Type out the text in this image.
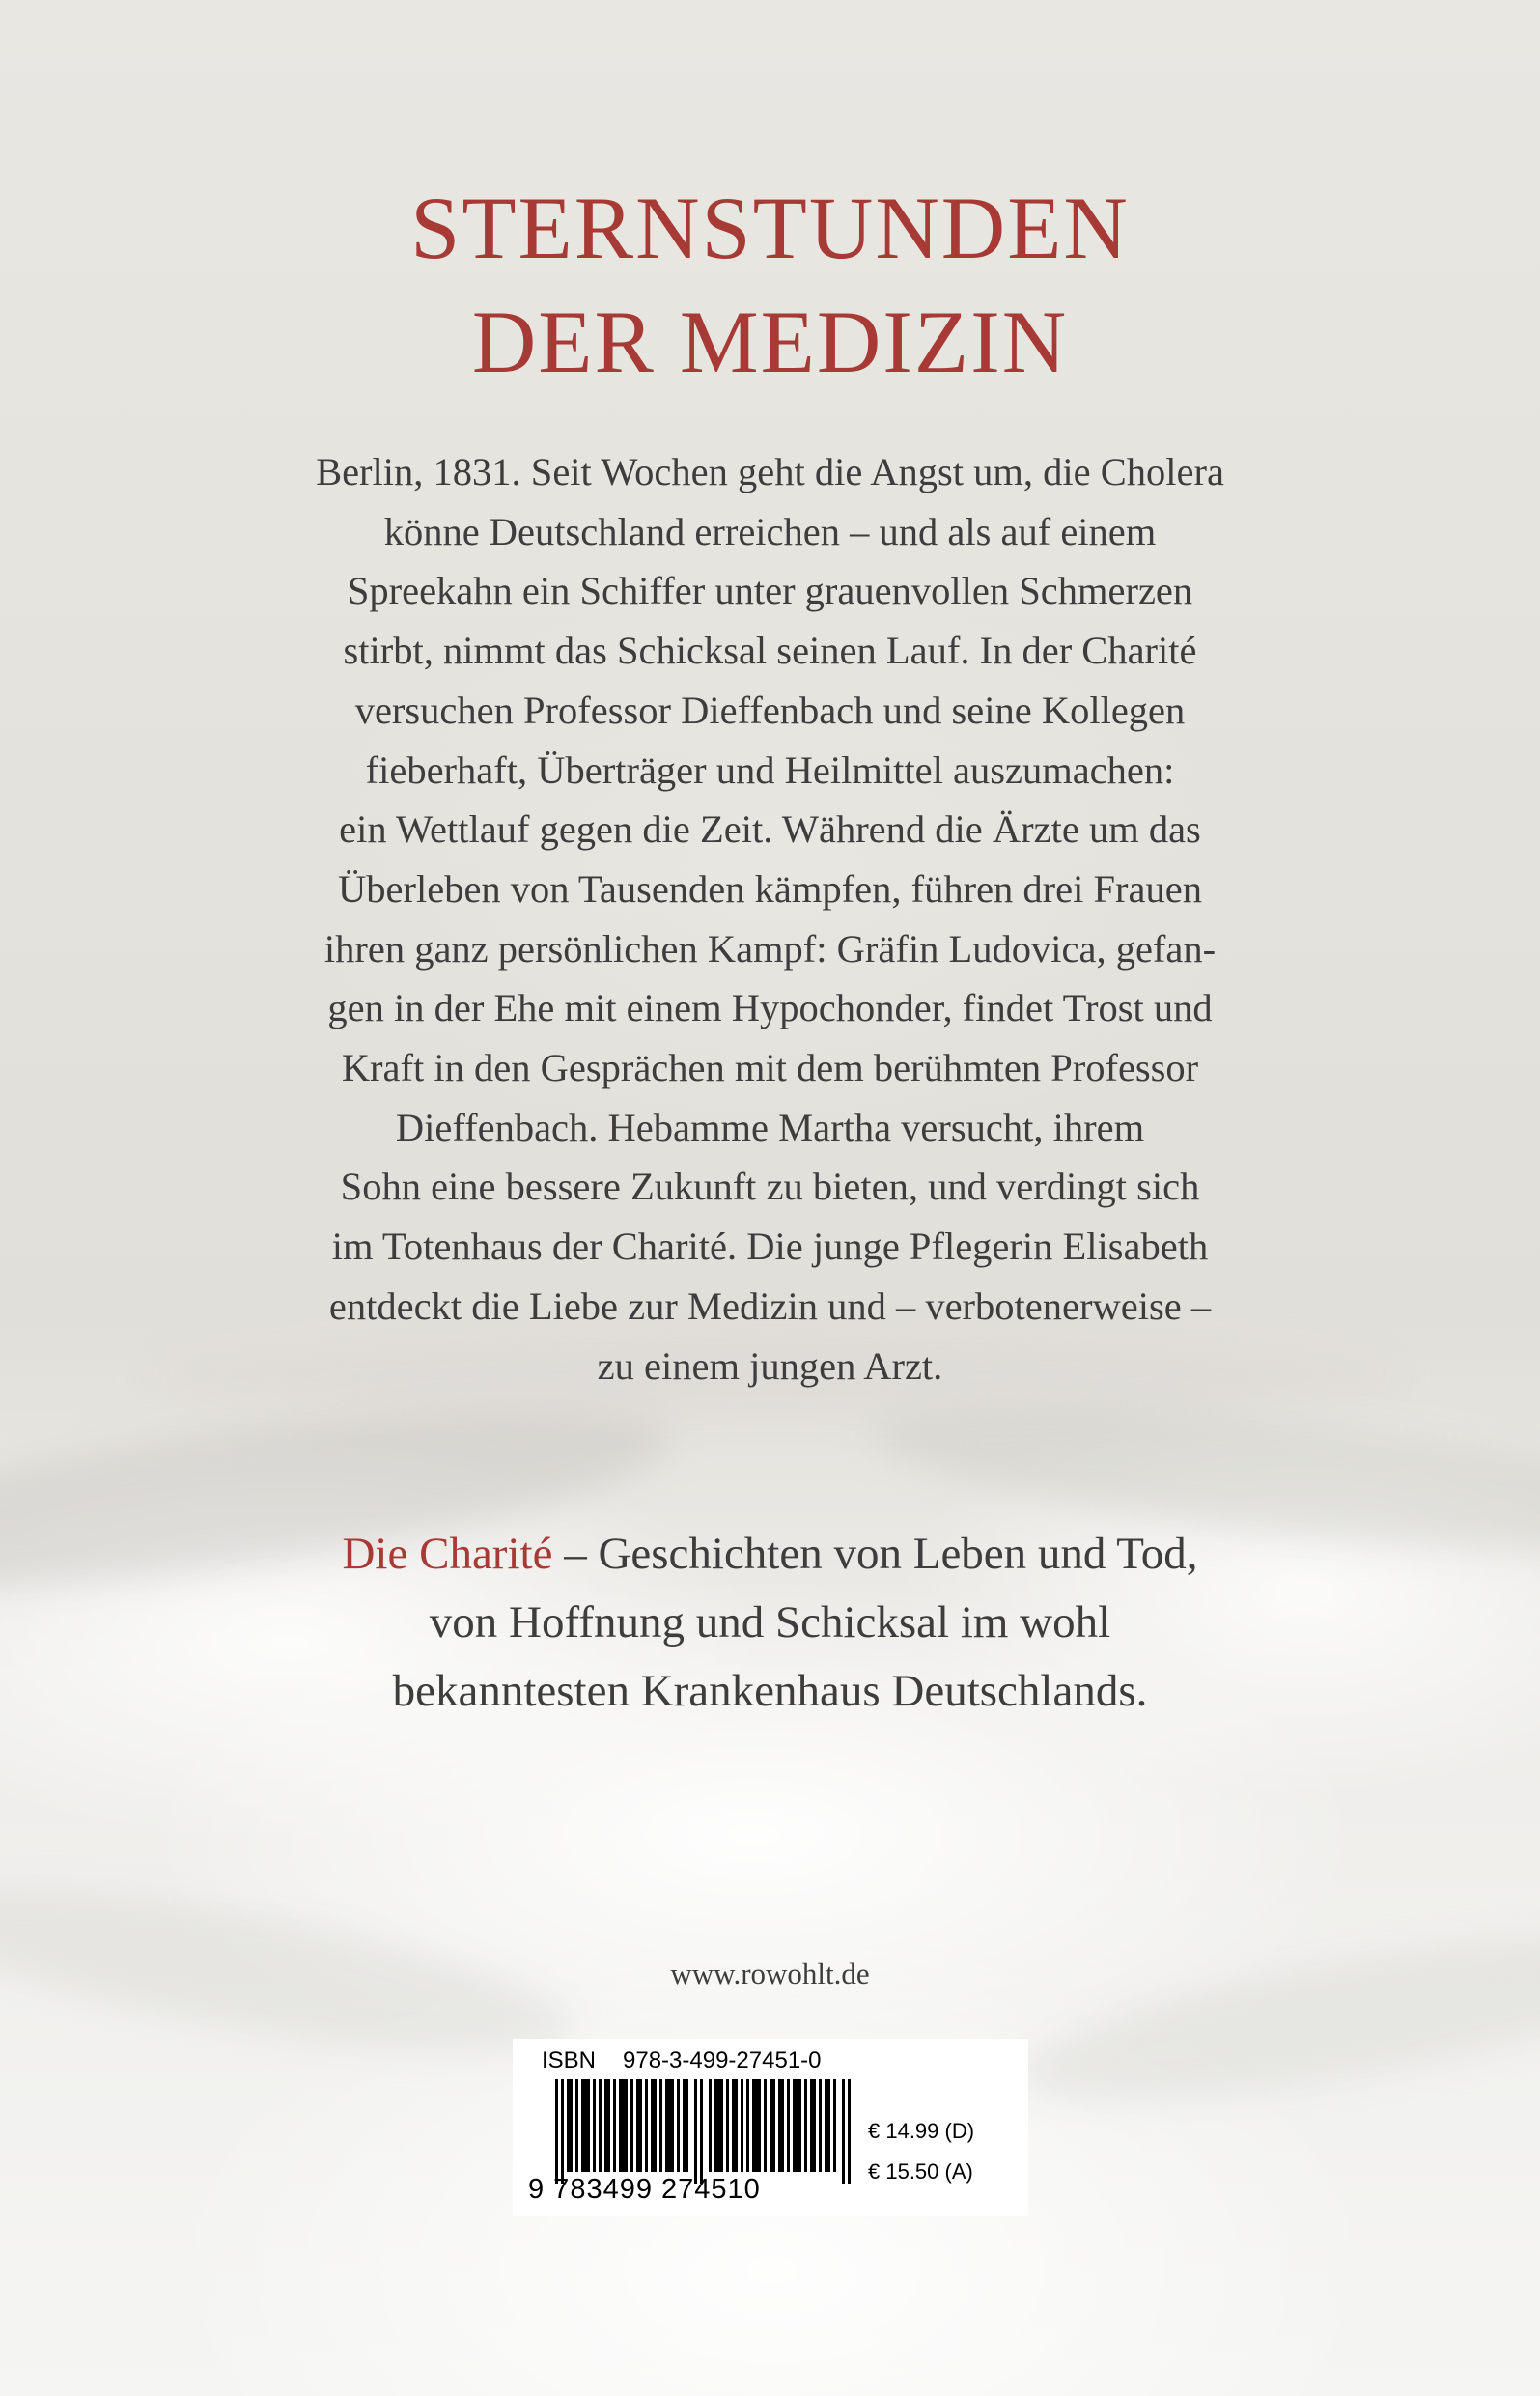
STERNSTUNDEN
DER MEDIZIN

Berlin, 1831. Seit Wochen geht die Angst um, die Cholera
könne Deutschland erreichen – und als auf einem
Spreekahn ein Schiffer unter grauenvollen Schmerzen
stirbt, nimmt das Schicksal seinen Lauf. In der Charité
versuchen Professor Dieffenbach und seine Kollegen
fieberhaft, Überträger und Heilmittel auszumachen:
ein Wettlauf gegen die Zeit. Während die Ärzte um das
Überleben von Tausenden kämpfen, führen drei Frauen
ihren ganz persönlichen Kampf: Gräfin Ludovica, gefan-
gen in der Ehe mit einem Hypochonder, findet Trost und
Kraft in den Gesprächen mit dem berühmten Professor
Dieffenbach. Hebamme Martha versucht, ihrem
Sohn eine bessere Zukunft zu bieten, und verdingt sich
im Totenhaus der Charité. Die junge Pflegerin Elisabeth
entdeckt die Liebe zur Medizin und – verbotenerweise –
zu einem jungen Arzt.

Die Charité – Geschichten von Leben und Tod,
von Hoffnung und Schicksal im wohl
bekanntesten Krankenhaus Deutschlands.
www.rowohlt.de
ISBN 978-3-499-27451-0
9 783499 274510
€ 14.99 (D)
€ 15.50 (A)
